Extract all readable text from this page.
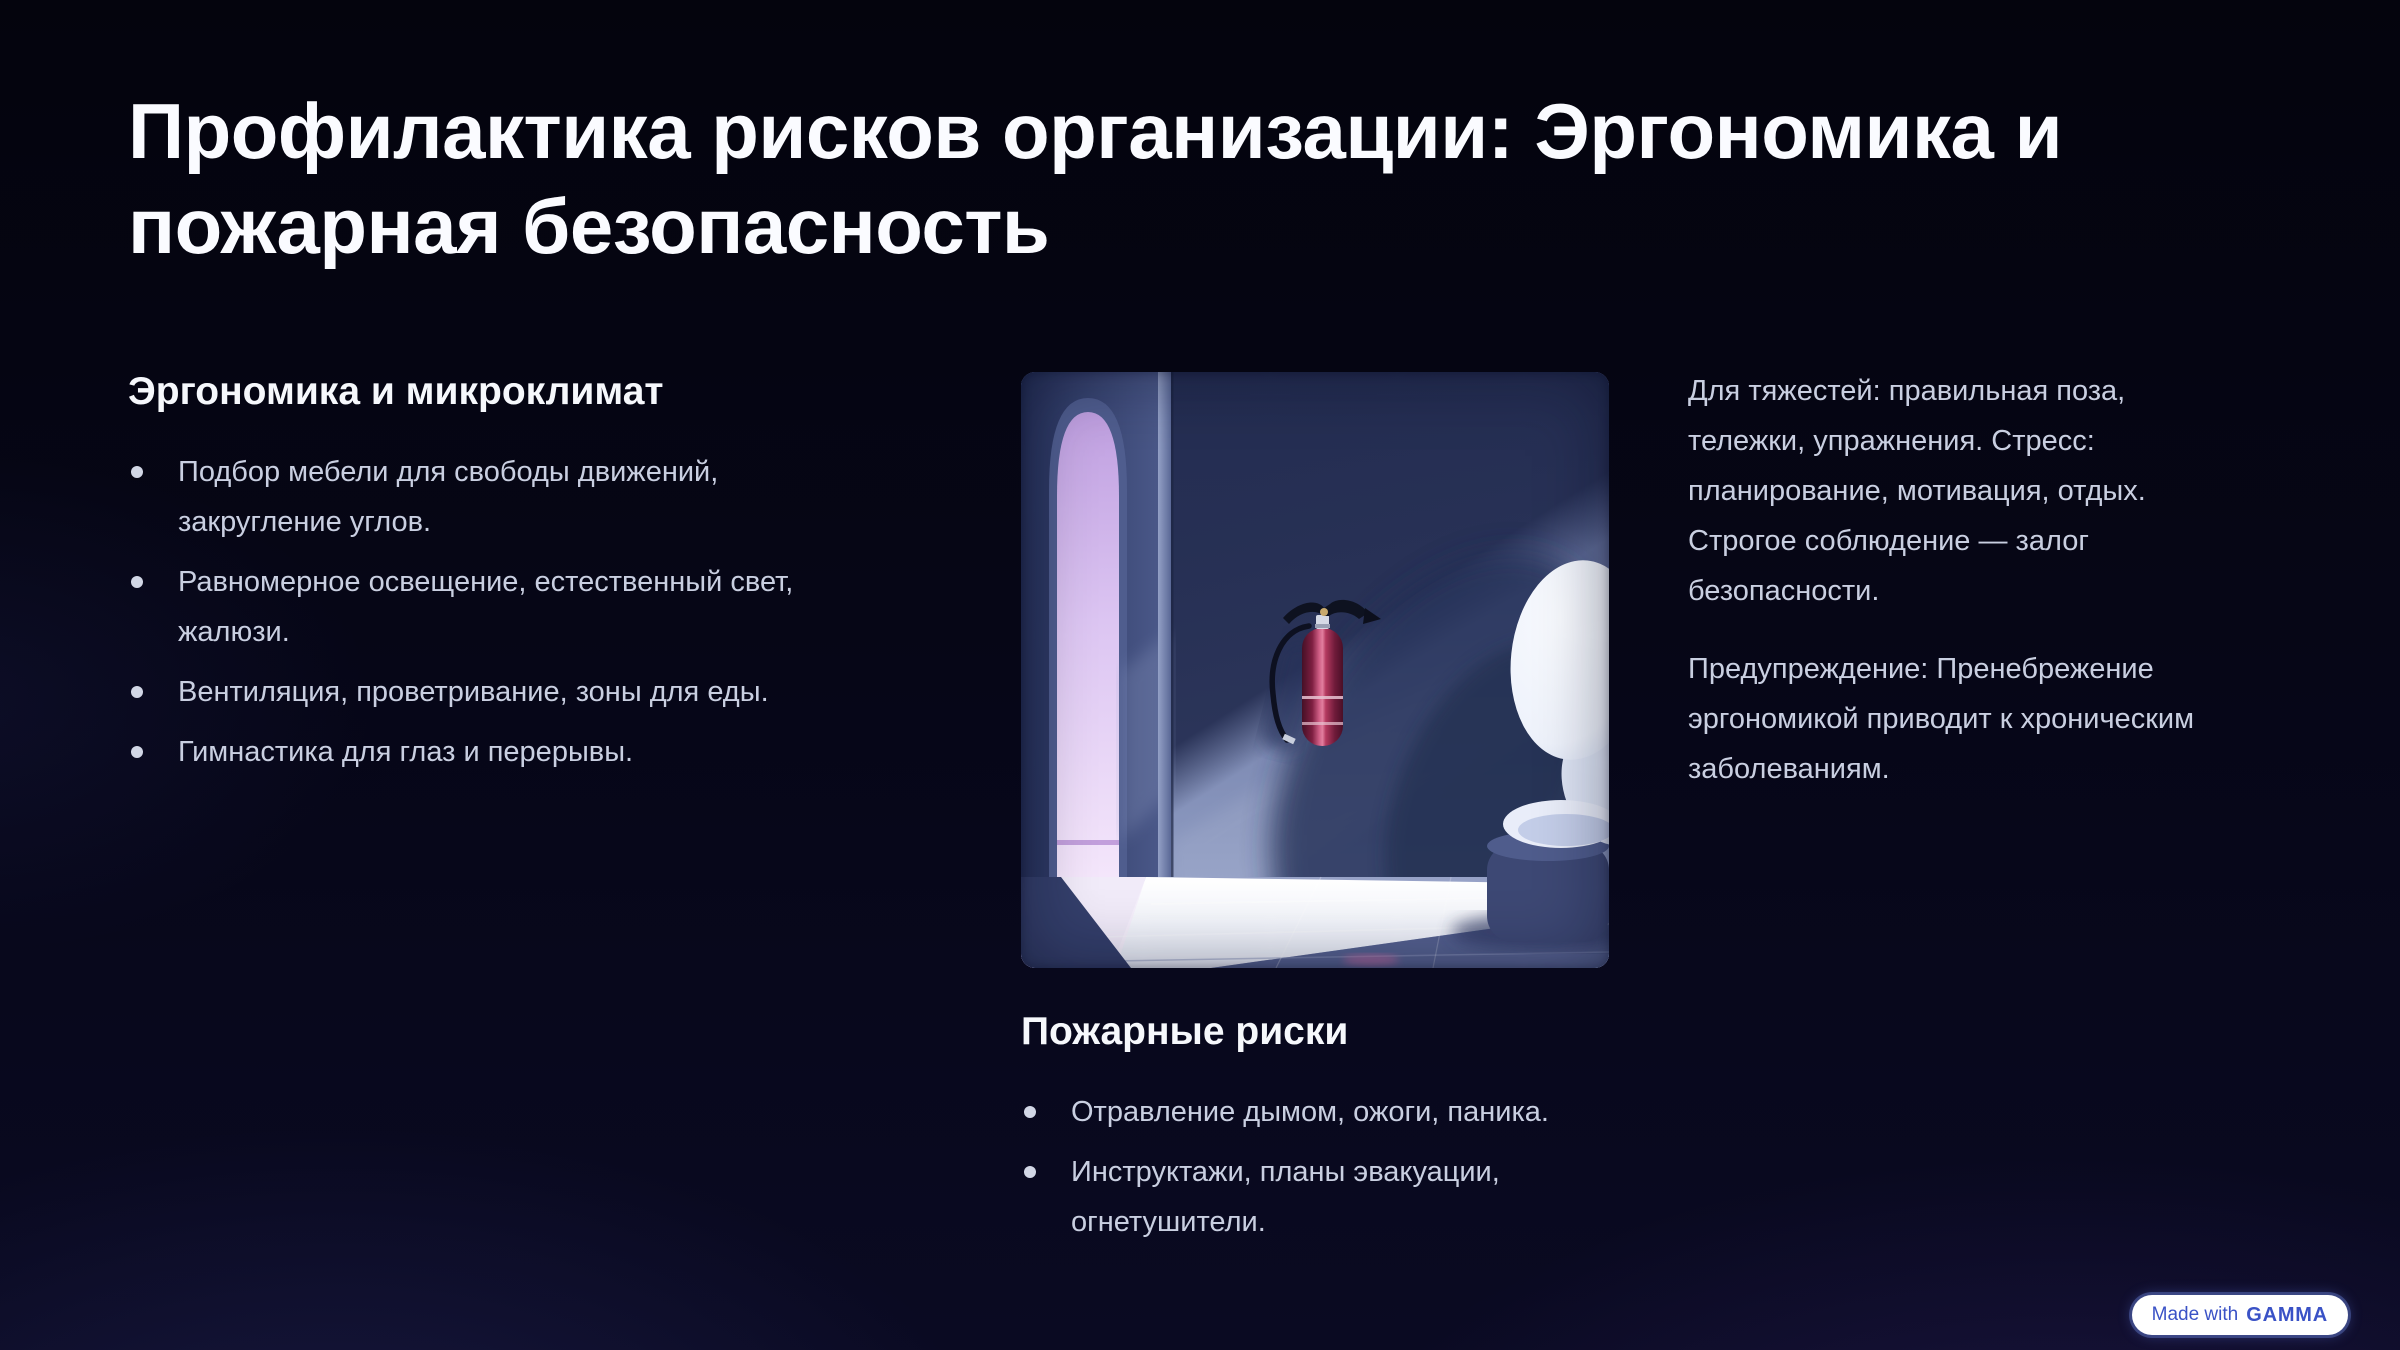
Профилактика рисков организации: Эргономика и пожарная безопасность
Эргономика и микроклимат
Подбор мебели для свободы движений, закругление углов.
Равномерное освещение, естественный свет, жалюзи.
Вентиляция, проветривание, зоны для еды.
Гимнастика для глаз и перерывы.
Пожарные риски
Отравление дымом, ожоги, паника.
Инструктажи, планы эвакуации, огнетушители.

Для тяжестей: правильная поза, тележки, упражнения. Стресс: планирование, мотивация, отдых. Строгое соблюдение — залог безопасности.

Предупреждение: Пренебрежение эргономикой приводит к хроническим заболеваниям.

Made with GAMMA
